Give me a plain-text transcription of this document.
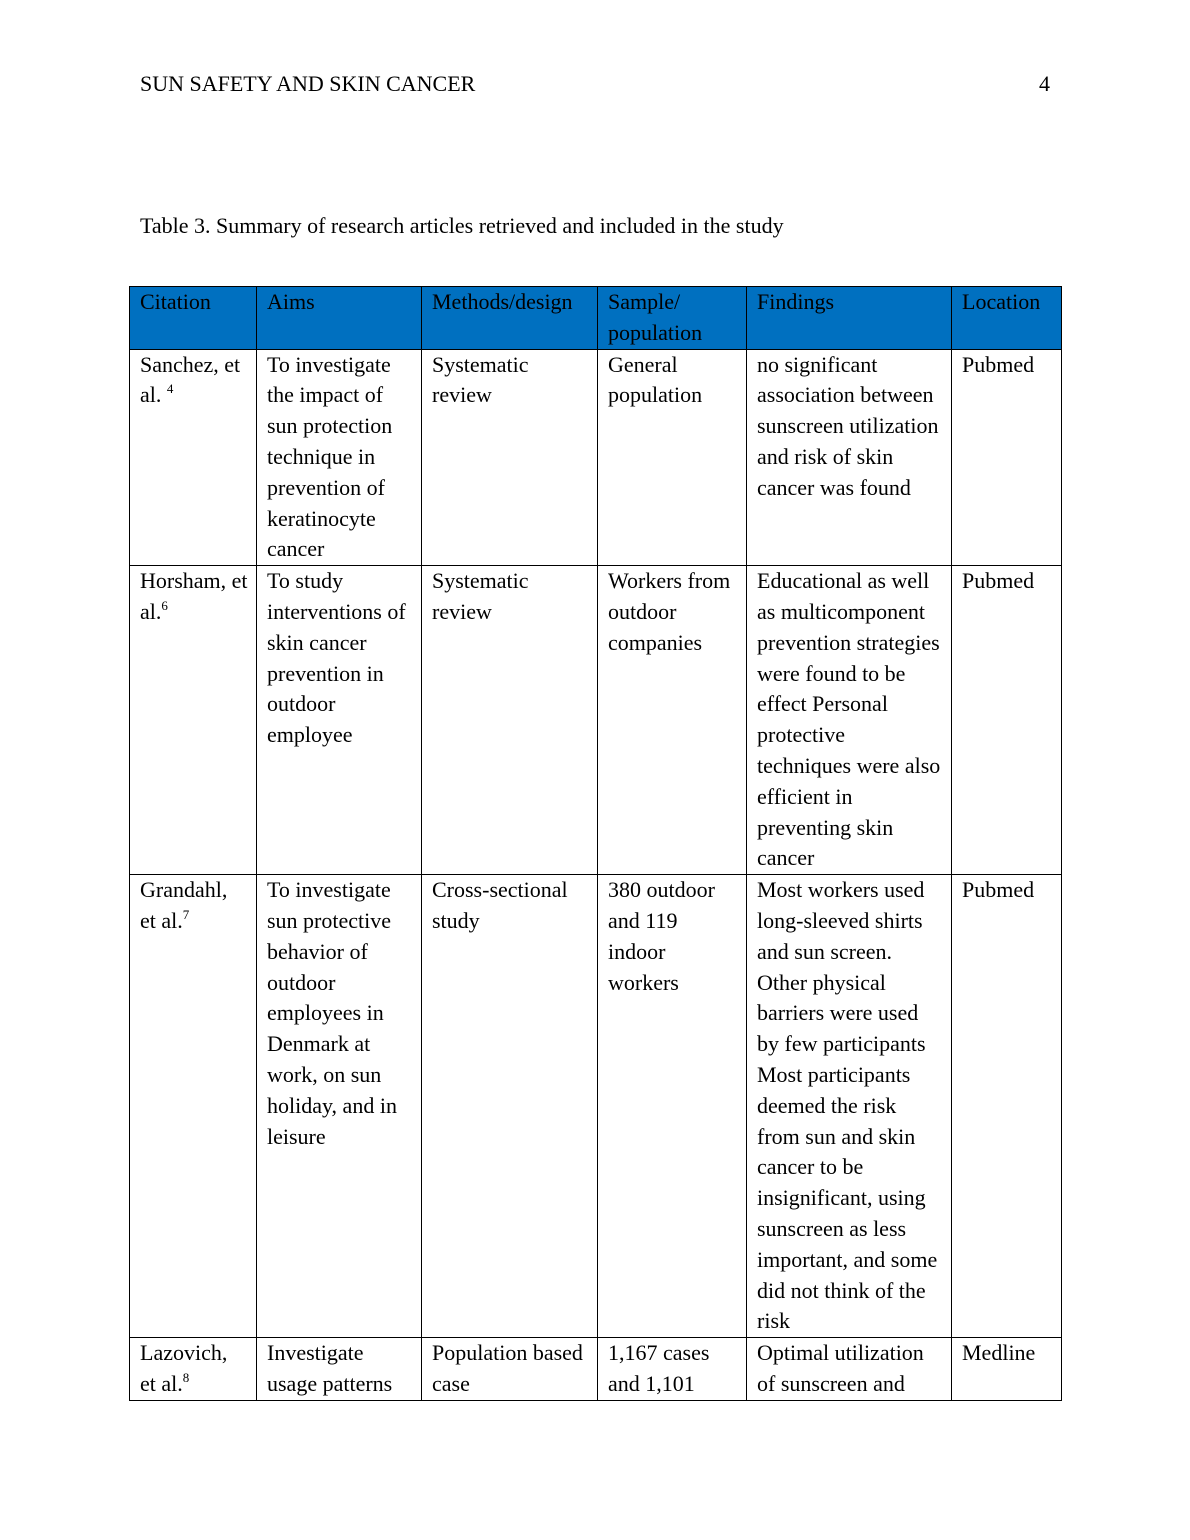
SUN SAFETY AND SKIN CANCER	4
Table 3. Summary of research articles retrieved and included in the study
Citation	Aims	Methods/design	Sample/ population	Findings	Location
Sanchez, et al. $^4$	To investigate the impact of sun protection technique in prevention of keratinocyte cancer	Systematic review	General population	no significant association between sunscreen utilization and risk of skin cancer was found	Pubmed
Horsham, et al.$^6$	To study interventions of skin cancer prevention in outdoor employee	Systematic review	Workers from outdoor companies	Educational as well as multicomponent prevention strategies were found to be effect Personal protective techniques were also efficient in preventing skin cancer	Pubmed
Grandahl, et al.$^7$	To investigate sun protective behavior of outdoor employees in Denmark at work, on sun holiday, and in leisure	Cross-sectional study	380 outdoor and 119 indoor workers	Most workers used long-sleeved shirts and sun screen. Other physical barriers were used by few participants Most participants deemed the risk from sun and skin cancer to be insignificant, using sunscreen as less important, and some did not think of the risk	Pubmed
Lazovich, et al.$^8$	Investigate usage patterns	Population based case	1,167 cases and 1,101	Optimal utilization of sunscreen and	Medline
